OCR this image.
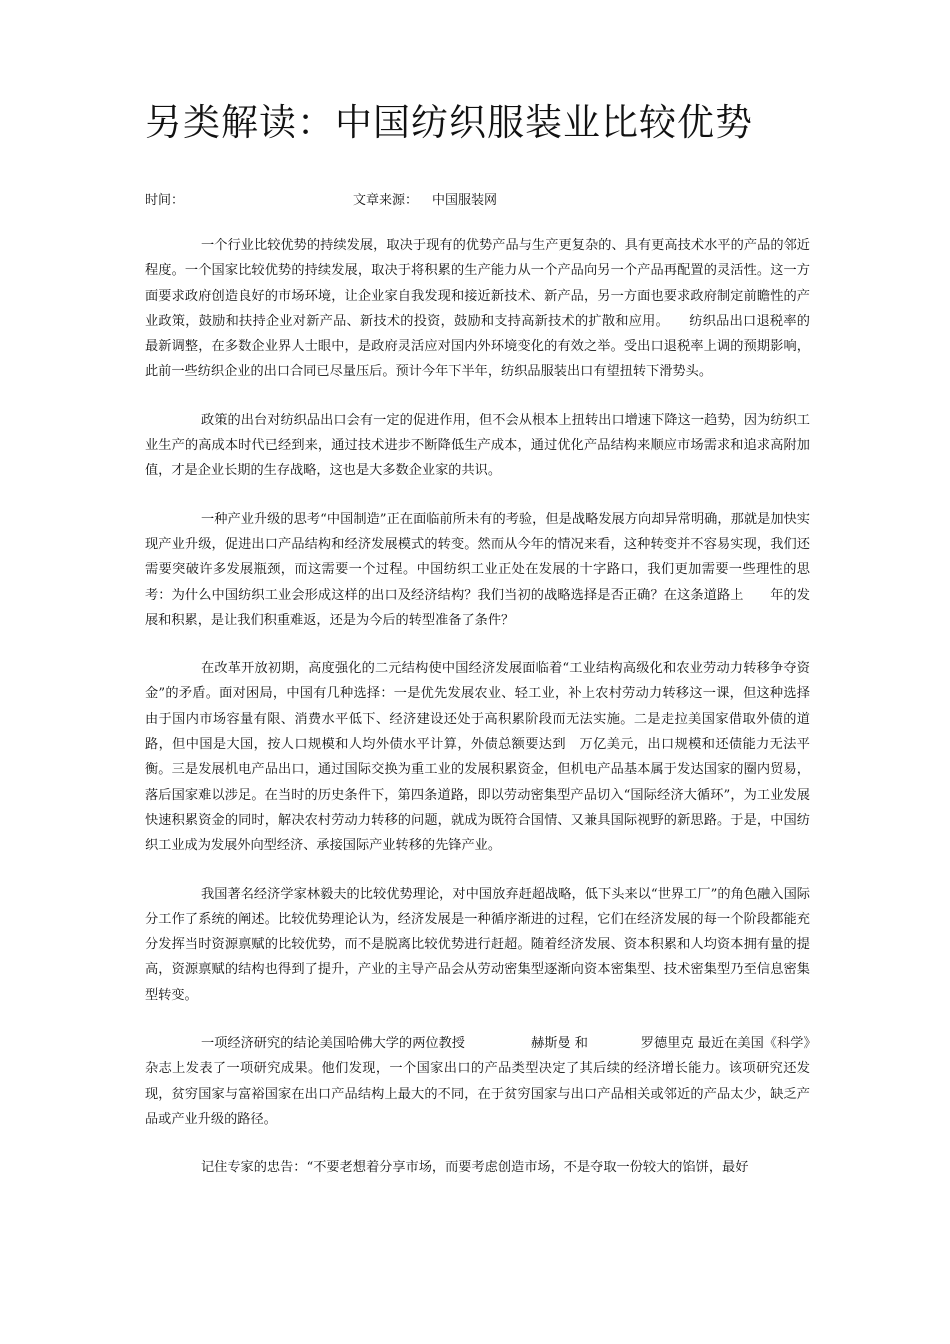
另类解读：中国纺织服装业比较优势
时间：	文章来源： 中国服装网

一个行业比较优势的持续发展，取决于现有的优势产品与生产更复杂的、具有更高技术水平的产品的邻近程度。一个国家比较优势的持续发展，取决于将积累的生产能力从一个产品向另一个产品再配置的灵活性。这一方面要求政府创造良好的市场环境，让企业家自我发现和接近新技术、新产品，另一方面也要求政府制定前瞻性的产业政策，鼓励和扶持企业对新产品、新技术的投资，鼓励和支持高新技术的扩散和应用。　　纺织品出口退税率的最新调整，在多数企业界人士眼中，是政府灵活应对国内外环境变化的有效之举。受出口退税率上调的预期影响，此前一些纺织企业的出口合同已尽量压后。预计今年下半年，纺织品服装出口有望扭转下滑势头。

政策的出台对纺织品出口会有一定的促进作用，但不会从根本上扭转出口增速下降这一趋势，因为纺织工业生产的高成本时代已经到来，通过技术进步不断降低生产成本，通过优化产品结构来顺应市场需求和追求高附加值，才是企业长期的生存战略，这也是大多数企业家的共识。

一种产业升级的思考“中国制造”正在面临前所未有的考验，但是战略发展方向却异常明确，那就是加快实现产业升级，促进出口产品结构和经济发展模式的转变。然而从今年的情况来看，这种转变并不容易实现，我们还需要突破许多发展瓶颈，而这需要一个过程。中国纺织工业正处在发展的十字路口，我们更加需要一些理性的思考：为什么中国纺织工业会形成这样的出口及经济结构？我们当初的战略选择是否正确？在这条道路上　　年的发展和积累，是让我们积重难返，还是为今后的转型准备了条件？

在改革开放初期，高度强化的二元结构使中国经济发展面临着“工业结构高级化和农业劳动力转移争夺资金”的矛盾。面对困局，中国有几种选择：一是优先发展农业、轻工业，补上农村劳动力转移这一课，但这种选择由于国内市场容量有限、消费水平低下、经济建设还处于高积累阶段而无法实施。二是走拉美国家借取外债的道路，但中国是大国，按人口规模和人均外债水平计算，外债总额要达到　万亿美元，出口规模和还债能力无法平衡。三是发展机电产品出口，通过国际交换为重工业的发展积累资金，但机电产品基本属于发达国家的圈内贸易，落后国家难以涉足。在当时的历史条件下，第四条道路，即以劳动密集型产品切入“国际经济大循环”，为工业发展快速积累资金的同时，解决农村劳动力转移的问题，就成为既符合国情、又兼具国际视野的新思路。于是，中国纺织工业成为发展外向型经济、承接国际产业转移的先锋产业。

我国著名经济学家林毅夫的比较优势理论，对中国放弃赶超战略，低下头来以“世界工厂”的角色融入国际分工作了系统的阐述。比较优势理论认为，经济发展是一种循序渐进的过程，它们在经济发展的每一个阶段都能充分发挥当时资源禀赋的比较优势，而不是脱离比较优势进行赶超。随着经济发展、资本积累和人均资本拥有量的提高，资源禀赋的结构也得到了提升，产业的主导产品会从劳动密集型逐渐向资本密集型、技术密集型乃至信息密集型转变。

一项经济研究的结论美国哈佛大学的两位教授　　　　　赫斯曼 和　　　　罗德里克 最近在美国《科学》杂志上发表了一项研究成果。他们发现，一个国家出口的产品类型决定了其后续的经济增长能力。该项研究还发现，贫穷国家与富裕国家在出口产品结构上最大的不同，在于贫穷国家与出口产品相关或邻近的产品太少，缺乏产品或产业升级的路径。

记住专家的忠告：“不要老想着分享市场，而要考虑创造市场，不是夺取一份较大的馅饼，最好
